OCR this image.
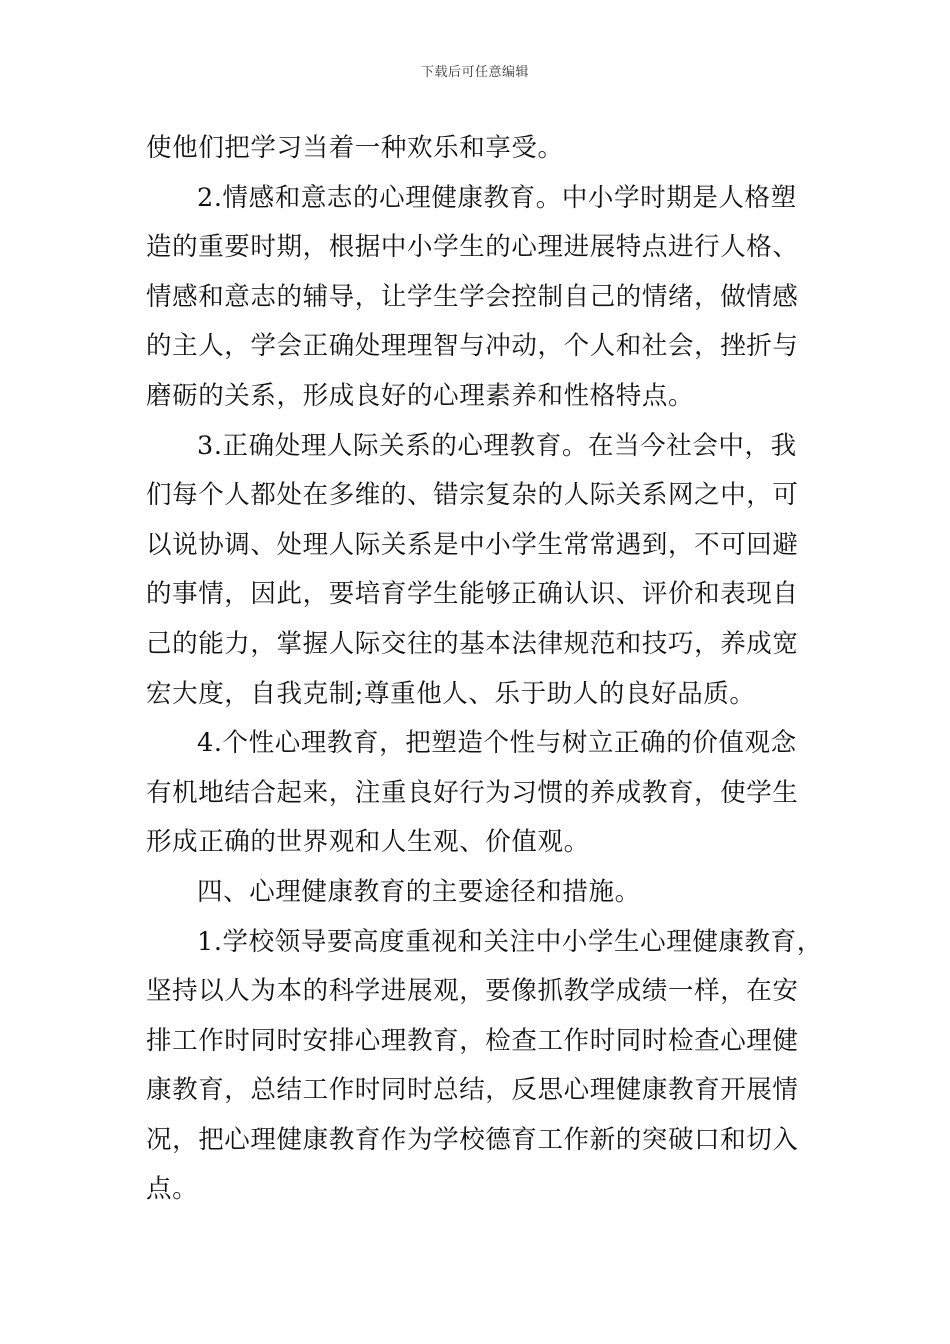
下载后可任意编辑
使他们把学习当着一种欢乐和享受。
2.情感和意志的心理健康教育。中小学时期是人格塑
造的重要时期，根据中小学生的心理进展特点进行人格、
情感和意志的辅导，让学生学会控制自己的情绪，做情感
的主人，学会正确处理理智与冲动，个人和社会，挫折与
磨砺的关系，形成良好的心理素养和性格特点。
3.正确处理人际关系的心理教育。在当今社会中，我
们每个人都处在多维的、错宗复杂的人际关系网之中，可
以说协调、处理人际关系是中小学生常常遇到，不可回避
的事情，因此，要培育学生能够正确认识、评价和表现自
己的能力，掌握人际交往的基本法律规范和技巧，养成宽
宏大度，自我克制;尊重他人、乐于助人的良好品质。
4.个性心理教育，把塑造个性与树立正确的价值观念
有机地结合起来，注重良好行为习惯的养成教育，使学生
形成正确的世界观和人生观、价值观。
四、心理健康教育的主要途径和措施。
1.学校领导要高度重视和关注中小学生心理健康教育，
坚持以人为本的科学进展观，要像抓教学成绩一样，在安
排工作时同时安排心理教育，检查工作时同时检查心理健
康教育，总结工作时同时总结，反思心理健康教育开展情
况，把心理健康教育作为学校德育工作新的突破口和切入
点。
